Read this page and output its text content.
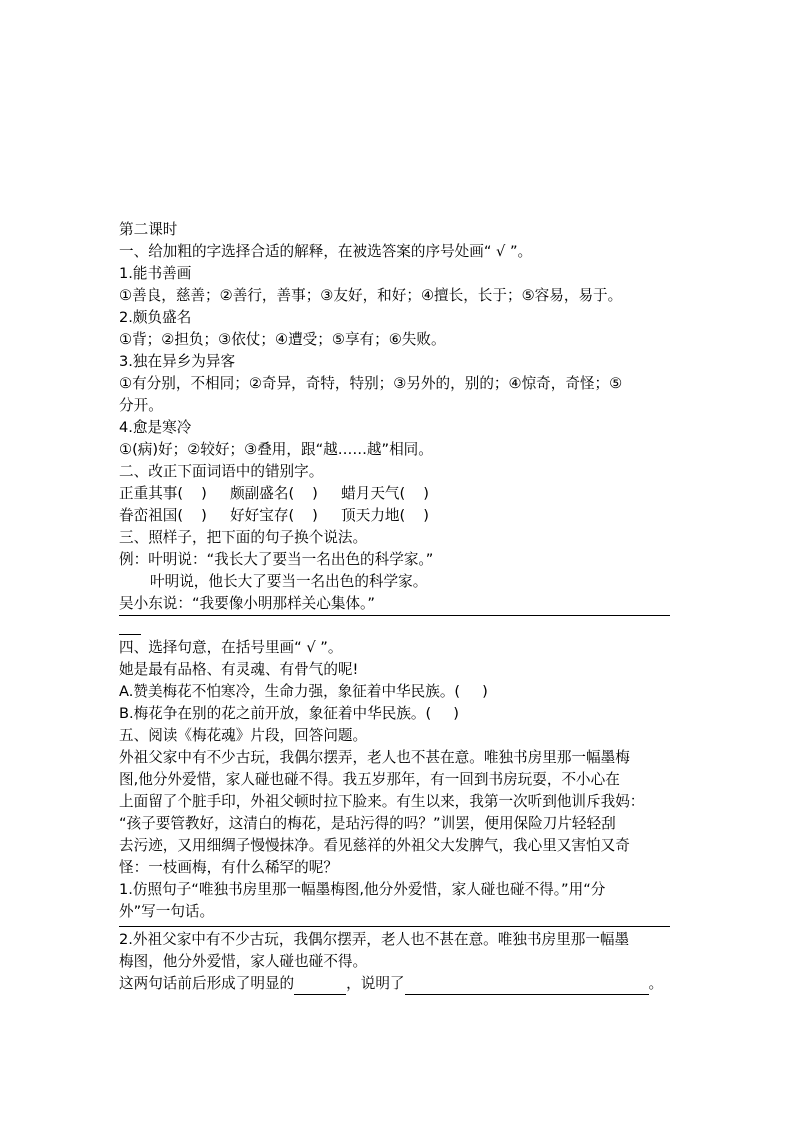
第二课时
一、给加粗的字选择合适的解释，在被选答案的序号处画“ √ ”。
1.能书善画
①善良，慈善；②善行，善事；③友好，和好；④擅长，长于；⑤容易，易于。
2.颇负盛名
①背；②担负；③依仗；④遭受；⑤享有；⑥失败。
3.独在异乡为异客
①有分别，不相同；②奇异，奇特，特别；③另外的，别的；④惊奇，奇怪；⑤
分开。
4.愈是寒冷
①(病)好；②较好；③叠用，跟“越……越”相同。
二、改正下面词语中的错别字。
正重其事( ) 颇副盛名( ) 蜡月天气( )
眷峦祖国( ) 好好宝存( ) 顶天力地( )
三、照样子，把下面的句子换个说法。
例：叶明说：“我长大了要当一名出色的科学家。”
叶明说，他长大了要当一名出色的科学家。
吴小东说：“我要像小明那样关心集体。”
四、选择句意，在括号里画“ √ ”。
她是最有品格、有灵魂、有骨气的呢!
A.赞美梅花不怕寒冷，生命力强，象征着中华民族。( )
B.梅花争在别的花之前开放，象征着中华民族。( )
五、阅读《梅花魂》片段，回答问题。
外祖父家中有不少古玩，我偶尔摆弄，老人也不甚在意。唯独书房里那一幅墨梅
图,他分外爱惜，家人碰也碰不得。我五岁那年，有一回到书房玩耍，不小心在
上面留了个脏手印，外祖父顿时拉下脸来。有生以来，我第一次听到他训斥我妈：
“孩子要管教好，这清白的梅花，是玷污得的吗？”训罢，便用保险刀片轻轻刮
去污迹，又用细绸子慢慢抹净。看见慈祥的外祖父大发脾气，我心里又害怕又奇
怪：一枝画梅，有什么稀罕的呢？
1.仿照句子“唯独书房里那一幅墨梅图,他分外爱惜，家人碰也碰不得。”用“分
外”写一句话。
2.外祖父家中有不少古玩，我偶尔摆弄，老人也不甚在意。唯独书房里那一幅墨
梅图，他分外爱惜，家人碰也碰不得。
这两句话前后形成了明显的	，说明了	。
